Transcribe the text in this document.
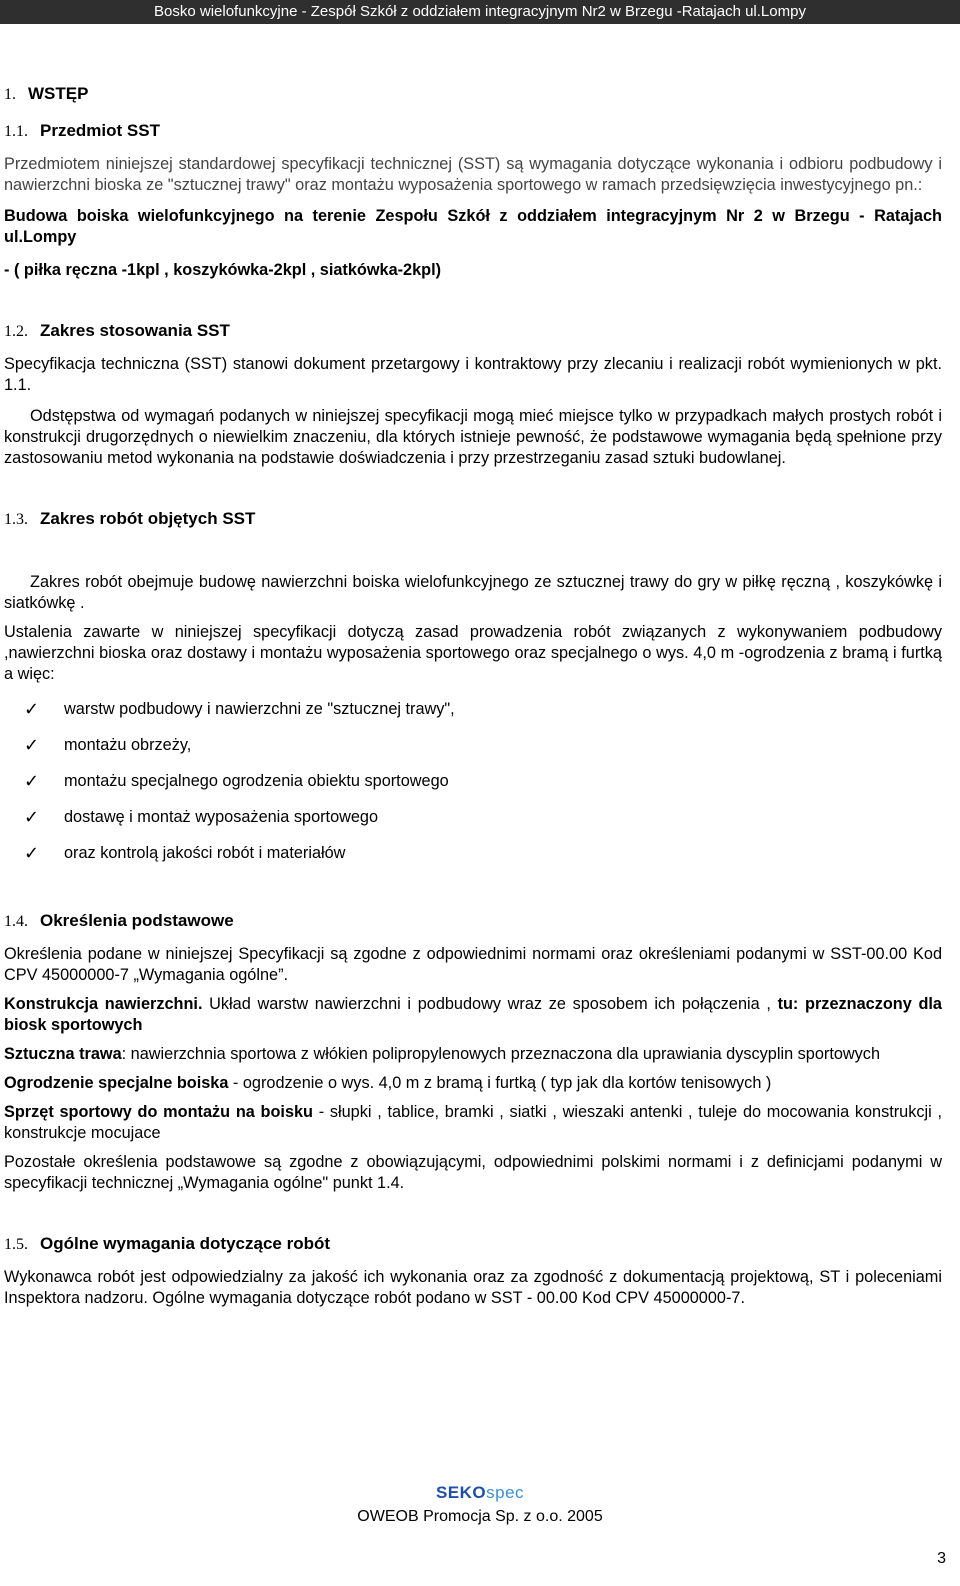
Bosko wielofunkcyjne - Zespół Szkół z oddziałem integracyjnym Nr2 w Brzegu -Ratajach ul.Lompy
1. WSTĘP
1.1. Przedmiot SST

Przedmiotem niniejszej standardowej specyfikacji technicznej (SST) są wymagania dotyczące wykonania i odbioru podbudowy i nawierzchni bioska ze "sztucznej trawy" oraz montażu wyposażenia sportowego w ramach przedsięwzięcia inwestycyjnego pn.:

Budowa boiska wielofunkcyjnego na terenie Zespołu Szkół z oddziałem integracyjnym Nr 2 w Brzegu - Ratajach ul.Lompy

- ( piłka ręczna -1kpl , koszykówka-2kpl , siatkówka-2kpl)

1.2. Zakres stosowania SST

Specyfikacja techniczna (SST) stanowi dokument przetargowy i kontraktowy przy zlecaniu i realizacji robót wymienionych w pkt. 1.1.

Odstępstwa od wymagań podanych w niniejszej specyfikacji mogą mieć miejsce tylko w przypadkach małych prostych robót i konstrukcji drugorzędnych o niewielkim znaczeniu, dla których istnieje pewność, że podstawowe wymagania będą spełnione przy zastosowaniu metod wykonania na podstawie doświadczenia i przy przestrzeganiu zasad sztuki budowlanej.

1.3. Zakres robót objętych SST

Zakres robót obejmuje budowę nawierzchni boiska wielofunkcyjnego ze sztucznej trawy do gry w piłkę ręczną , koszykówkę i siatkówkę .

Ustalenia zawarte w niniejszej specyfikacji dotyczą zasad prowadzenia robót związanych z wykonywaniem podbudowy ,nawierzchni bioska oraz dostawy i montażu wyposażenia sportowego oraz specjalnego o wys. 4,0 m -ogrodzenia z bramą i furtką a więc:

✓	warstw podbudowy i nawierzchni ze "sztucznej trawy",
✓	montażu obrzeży,
✓	montażu specjalnego ogrodzenia obiektu sportowego
✓	dostawę i montaż wyposażenia sportowego
✓	oraz kontrolą jakości robót i materiałów
1.4. Określenia podstawowe

Określenia podane w niniejszej Specyfikacji są zgodne z odpowiednimi normami oraz określeniami podanymi w SST-00.00 Kod CPV 45000000-7 „Wymagania ogólne”.

Konstrukcja nawierzchni. Układ warstw nawierzchni i podbudowy wraz ze sposobem ich połączenia , tu: przeznaczony dla biosk sportowych

Sztuczna trawa: nawierzchnia sportowa z włókien polipropylenowych przeznaczona dla uprawiania dyscyplin sportowych

Ogrodzenie specjalne boiska - ogrodzenie o wys. 4,0 m z bramą i furtką ( typ jak dla kortów tenisowych )

Sprzęt sportowy do montażu na boisku - słupki , tablice, bramki , siatki , wieszaki antenki , tuleje do mocowania konstrukcji , konstrukcje mocujace

Pozostałe określenia podstawowe są zgodne z obowiązującymi, odpowiednimi polskimi normami i z definicjami podanymi w specyfikacji technicznej „Wymagania ogólne" punkt 1.4.

1.5. Ogólne wymagania dotyczące robót

Wykonawca robót jest odpowiedzialny za jakość ich wykonania oraz za zgodność z dokumentacją projektową, ST i poleceniami Inspektora nadzoru. Ogólne wymagania dotyczące robót podano w SST - 00.00 Kod CPV 45000000-7.

SEKOspec
OWEOB Promocja Sp. z o.o. 2005
3
